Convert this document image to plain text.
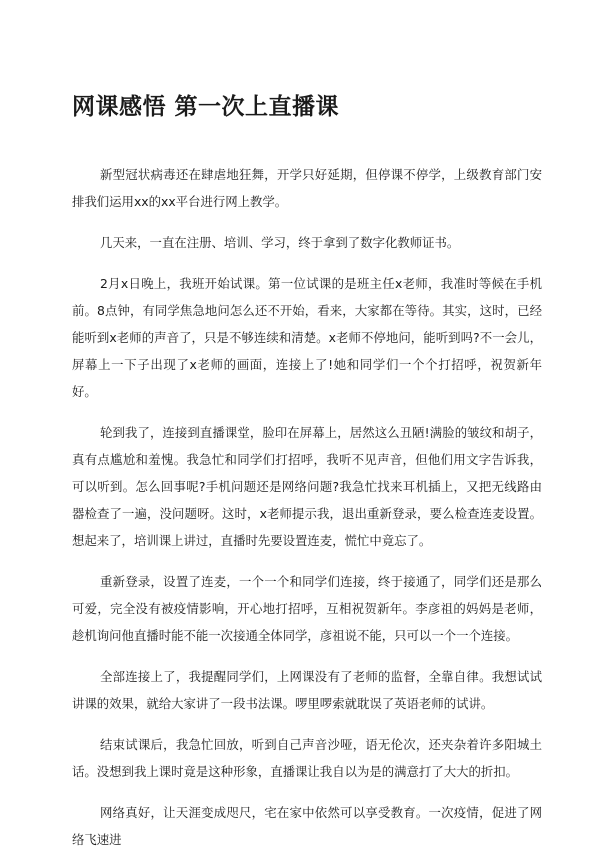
网课感悟 第一次上直播课

新型冠状病毒还在肆虐地狂舞，开学只好延期，但停课不停学，上级教育部门安排我们运用xx的xx平台进行网上教学。

几天来，一直在注册、培训、学习，终于拿到了数字化教师证书。

2月x日晚上，我班开始试课。第一位试课的是班主任x老师，我准时等候在手机前。8点钟，有同学焦急地问怎么还不开始，看来，大家都在等待。其实，这时，已经能听到x老师的声音了，只是不够连续和清楚。x老师不停地问，能听到吗?不一会儿，屏幕上一下子出现了x老师的画面，连接上了!她和同学们一个个打招呼，祝贺新年好。

轮到我了，连接到直播课堂，脸印在屏幕上，居然这么丑陋!满脸的皱纹和胡子，真有点尴尬和羞愧。我急忙和同学们打招呼，我听不见声音，但他们用文字告诉我，可以听到。怎么回事呢?手机问题还是网络问题?我急忙找来耳机插上，又把无线路由器检查了一遍，没问题呀。这时，x老师提示我，退出重新登录，要么检查连麦设置。想起来了，培训课上讲过，直播时先要设置连麦，慌忙中竟忘了。

重新登录，设置了连麦，一个一个和同学们连接，终于接通了，同学们还是那么可爱，完全没有被疫情影响，开心地打招呼，互相祝贺新年。李彦祖的妈妈是老师，趁机询问他直播时能不能一次接通全体同学，彦祖说不能，只可以一个一个连接。

全部连接上了，我提醒同学们，上网课没有了老师的监督，全靠自律。我想试试讲课的效果，就给大家讲了一段书法课。啰里啰索就耽误了英语老师的试讲。

结束试课后，我急忙回放，听到自己声音沙哑，语无伦次，还夹杂着许多阳城土话。没想到我上课时竟是这种形象，直播课让我自以为是的满意打了大大的折扣。

网络真好，让天涯变成咫尺，宅在家中依然可以享受教育。一次疫情，促进了网络飞速进
